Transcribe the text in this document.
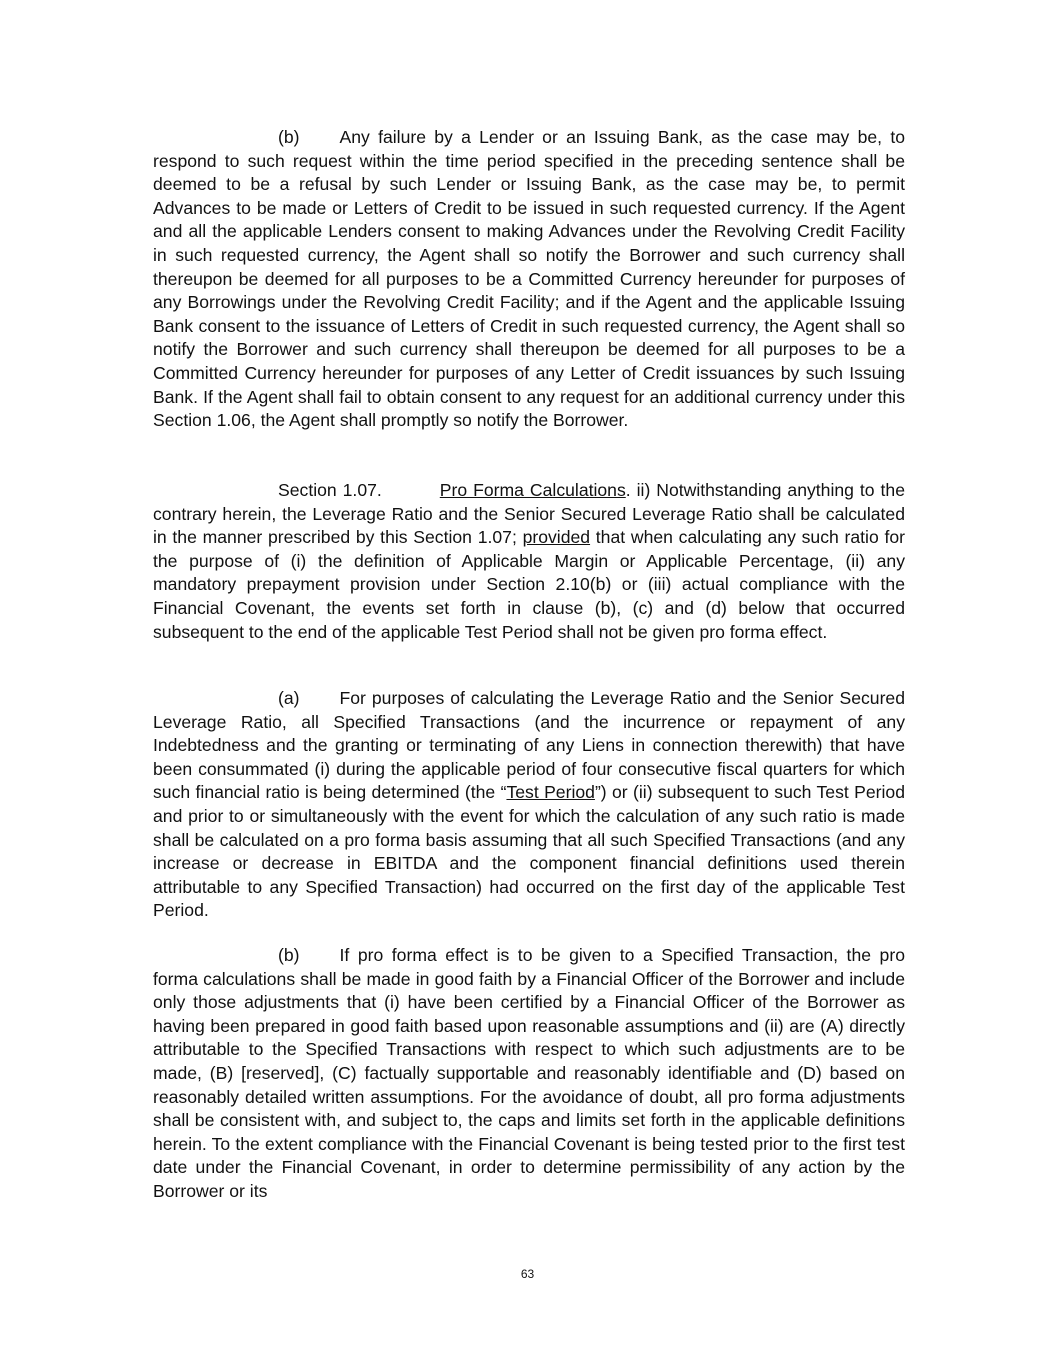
(b) Any failure by a Lender or an Issuing Bank, as the case may be, to respond to such request within the time period specified in the preceding sentence shall be deemed to be a refusal by such Lender or Issuing Bank, as the case may be, to permit Advances to be made or Letters of Credit to be issued in such requested currency. If the Agent and all the applicable Lenders consent to making Advances under the Revolving Credit Facility in such requested currency, the Agent shall so notify the Borrower and such currency shall thereupon be deemed for all purposes to be a Committed Currency hereunder for purposes of any Borrowings under the Revolving Credit Facility; and if the Agent and the applicable Issuing Bank consent to the issuance of Letters of Credit in such requested currency, the Agent shall so notify the Borrower and such currency shall thereupon be deemed for all purposes to be a Committed Currency hereunder for purposes of any Letter of Credit issuances by such Issuing Bank. If the Agent shall fail to obtain consent to any request for an additional currency under this Section 1.06, the Agent shall promptly so notify the Borrower.

Section 1.07.	Pro Forma Calculations. ii) Notwithstanding anything to the contrary herein, the Leverage Ratio and the Senior Secured Leverage Ratio shall be calculated in the manner prescribed by this Section 1.07; provided that when calculating any such ratio for the purpose of (i) the definition of Applicable Margin or Applicable Percentage, (ii) any mandatory prepayment provision under Section 2.10(b) or (iii) actual compliance with the Financial Covenant, the events set forth in clause (b), (c) and (d) below that occurred subsequent to the end of the applicable Test Period shall not be given pro forma effect.

(a) For purposes of calculating the Leverage Ratio and the Senior Secured Leverage Ratio, all Specified Transactions (and the incurrence or repayment of any Indebtedness and the granting or terminating of any Liens in connection therewith) that have been consummated (i) during the applicable period of four consecutive fiscal quarters for which such financial ratio is being determined (the “Test Period”) or (ii) subsequent to such Test Period and prior to or simultaneously with the event for which the calculation of any such ratio is made shall be calculated on a pro forma basis assuming that all such Specified Transactions (and any increase or decrease in EBITDA and the component financial definitions used therein attributable to any Specified Transaction) had occurred on the first day of the applicable Test Period.

(b) If pro forma effect is to be given to a Specified Transaction, the pro forma calculations shall be made in good faith by a Financial Officer of the Borrower and include only those adjustments that (i) have been certified by a Financial Officer of the Borrower as having been prepared in good faith based upon reasonable assumptions and (ii) are (A) directly attributable to the Specified Transactions with respect to which such adjustments are to be made, (B) [reserved], (C) factually supportable and reasonably identifiable and (D) based on reasonably detailed written assumptions. For the avoidance of doubt, all pro forma adjustments shall be consistent with, and subject to, the caps and limits set forth in the applicable definitions herein. To the extent compliance with the Financial Covenant is being tested prior to the first test date under the Financial Covenant, in order to determine permissibility of any action by the Borrower or its

63
